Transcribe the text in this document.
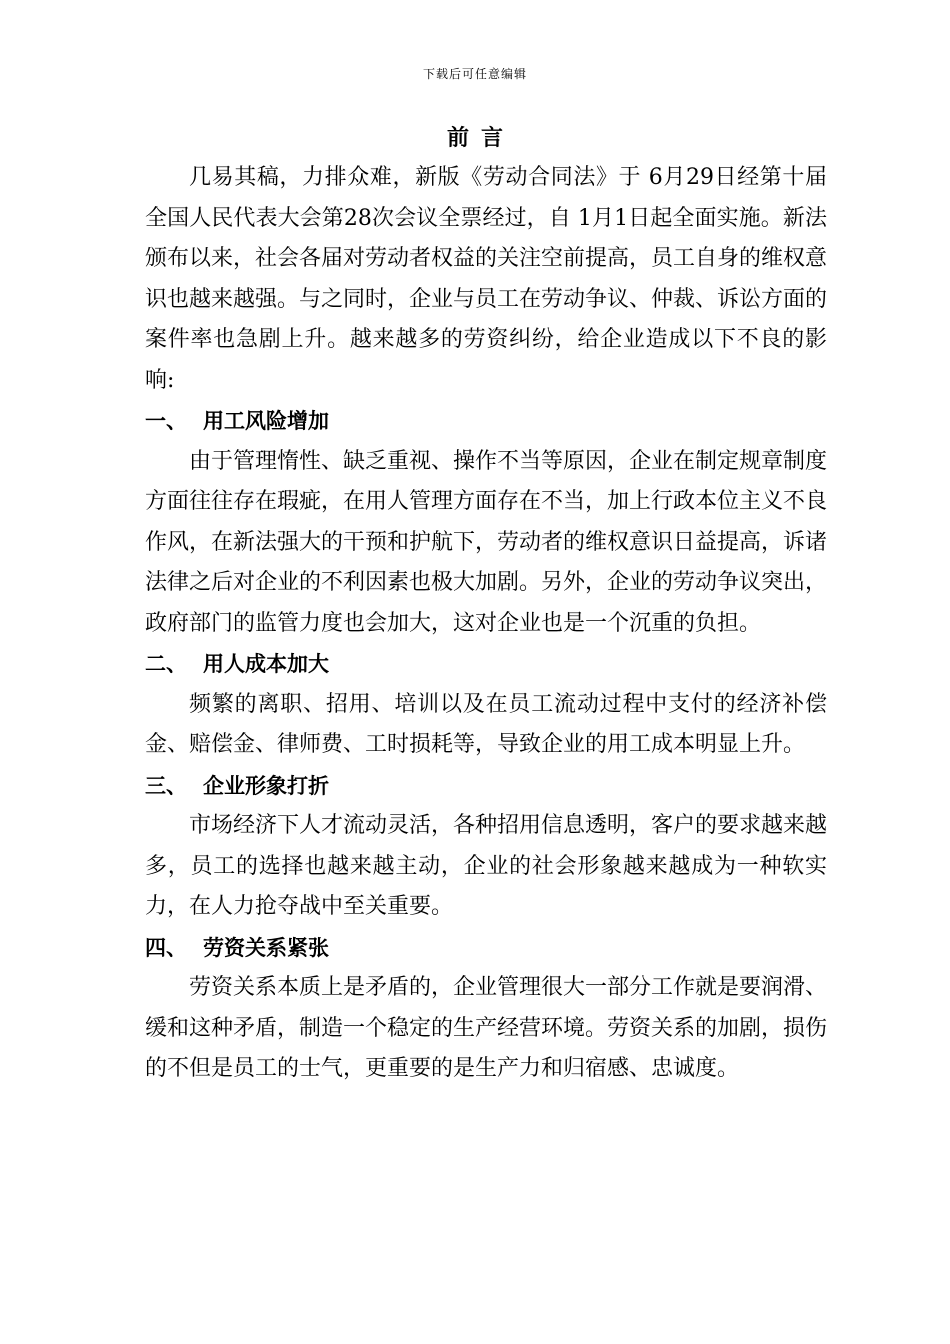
下载后可任意编辑
前言

几易其稿，力排众难，新版《劳动合同法》于 6月29日经第十届全国人民代表大会第28次会议全票经过，自 1月1日起全面实施。新法颁布以来，社会各届对劳动者权益的关注空前提高，员工自身的维权意识也越来越强。与之同时，企业与员工在劳动争议、仲裁、诉讼方面的案件率也急剧上升。越来越多的劳资纠纷，给企业造成以下不良的影响:

一、 用工风险增加

由于管理惰性、缺乏重视、操作不当等原因，企业在制定规章制度方面往往存在瑕疵，在用人管理方面存在不当，加上行政本位主义不良作风，在新法强大的干预和护航下，劳动者的维权意识日益提高，诉诸法律之后对企业的不利因素也极大加剧。另外，企业的劳动争议突出，政府部门的监管力度也会加大，这对企业也是一个沉重的负担。

二、 用人成本加大

频繁的离职、招用、培训以及在员工流动过程中支付的经济补偿金、赔偿金、律师费、工时损耗等，导致企业的用工成本明显上升。

三、 企业形象打折

市场经济下人才流动灵活，各种招用信息透明，客户的要求越来越多，员工的选择也越来越主动，企业的社会形象越来越成为一种软实力，在人力抢夺战中至关重要。

四、 劳资关系紧张

劳资关系本质上是矛盾的，企业管理很大一部分工作就是要润滑、缓和这种矛盾，制造一个稳定的生产经营环境。劳资关系的加剧，损伤的不但是员工的士气，更重要的是生产力和归宿感、忠诚度。
